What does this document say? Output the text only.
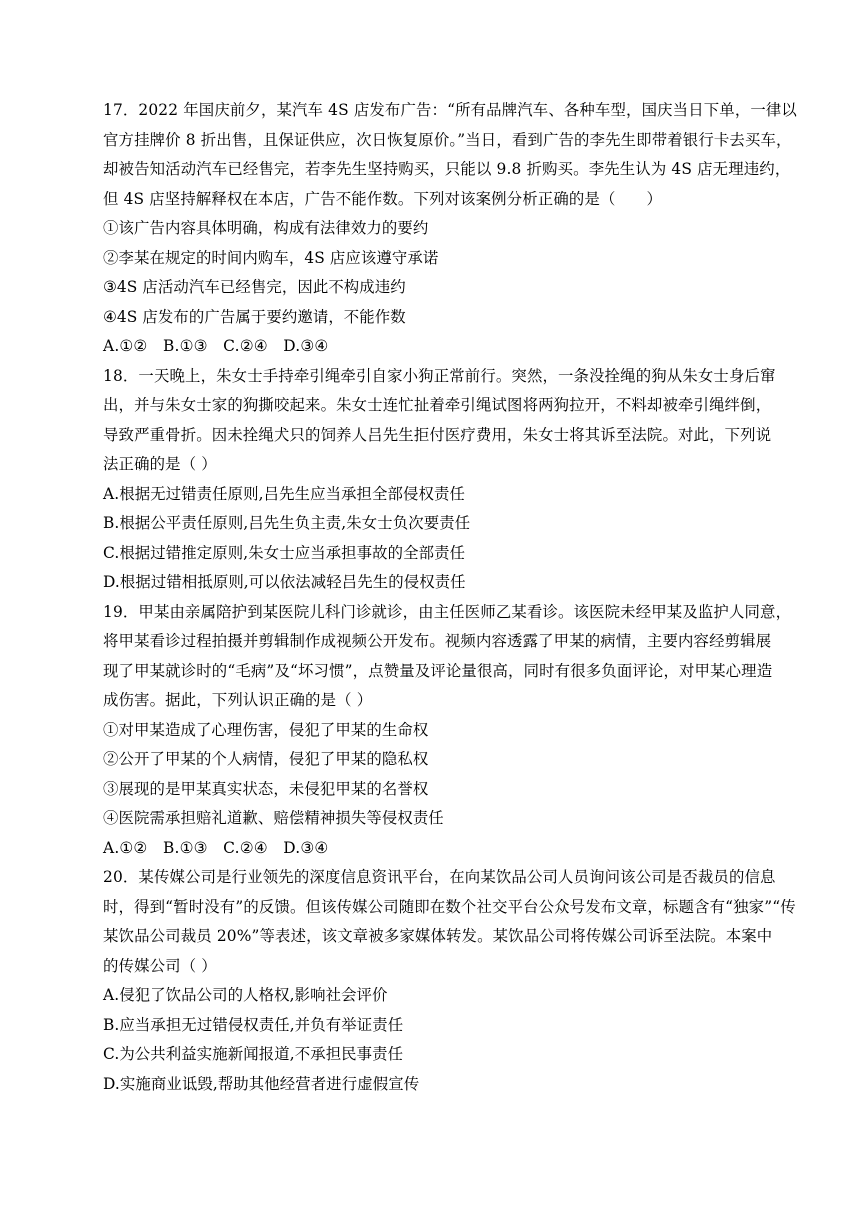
17．2022 年国庆前夕，某汽车 4S 店发布广告：“所有品牌汽车、各种车型，国庆当日下单，一律以
官方挂牌价 8 折出售，且保证供应，次日恢复原价。”当日，看到广告的李先生即带着银行卡去买车，
却被告知活动汽车已经售完，若李先生坚持购买，只能以 9.8 折购买。李先生认为 4S 店无理违约，
但 4S 店坚持解释权在本店，广告不能作数。下列对该案例分析正确的是（　　）
①该广告内容具体明确，构成有法律效力的要约
②李某在规定的时间内购车，4S 店应该遵守承诺
③4S 店活动汽车已经售完，因此不构成违约
④4S 店发布的广告属于要约邀请，不能作数
A.①②　B.①③　C.②④　D.③④
18．一天晚上，朱女士手持牵引绳牵引自家小狗正常前行。突然，一条没拴绳的狗从朱女士身后窜
出，并与朱女士家的狗撕咬起来。朱女士连忙扯着牵引绳试图将两狗拉开，不料却被牵引绳绊倒，
导致严重骨折。因未拴绳犬只的饲养人吕先生拒付医疗费用，朱女士将其诉至法院。对此，下列说
法正确的是（ ）
A.根据无过错责任原则,吕先生应当承担全部侵权责任
B.根据公平责任原则,吕先生负主责,朱女士负次要责任
C.根据过错推定原则,朱女士应当承担事故的全部责任
D.根据过错相抵原则,可以依法减轻吕先生的侵权责任
19．甲某由亲属陪护到某医院儿科门诊就诊，由主任医师乙某看诊。该医院未经甲某及监护人同意，
将甲某看诊过程拍摄并剪辑制作成视频公开发布。视频内容透露了甲某的病情，主要内容经剪辑展
现了甲某就诊时的“毛病”及“坏习惯”，点赞量及评论量很高，同时有很多负面评论，对甲某心理造
成伤害。据此，下列认识正确的是（ ）
①对甲某造成了心理伤害，侵犯了甲某的生命权
②公开了甲某的个人病情，侵犯了甲某的隐私权
③展现的是甲某真实状态，未侵犯甲某的名誉权
④医院需承担赔礼道歉、赔偿精神损失等侵权责任
A.①②　B.①③　C.②④　D.③④
20．某传媒公司是行业领先的深度信息资讯平台，在向某饮品公司人员询问该公司是否裁员的信息
时，得到“暂时没有”的反馈。但该传媒公司随即在数个社交平台公众号发布文章，标题含有“独家”“传
某饮品公司裁员 20%”等表述，该文章被多家媒体转发。某饮品公司将传媒公司诉至法院。本案中
的传媒公司（ ）
A.侵犯了饮品公司的人格权,影响社会评价
B.应当承担无过错侵权责任,并负有举证责任
C.为公共利益实施新闻报道,不承担民事责任
D.实施商业诋毁,帮助其他经营者进行虚假宣传
